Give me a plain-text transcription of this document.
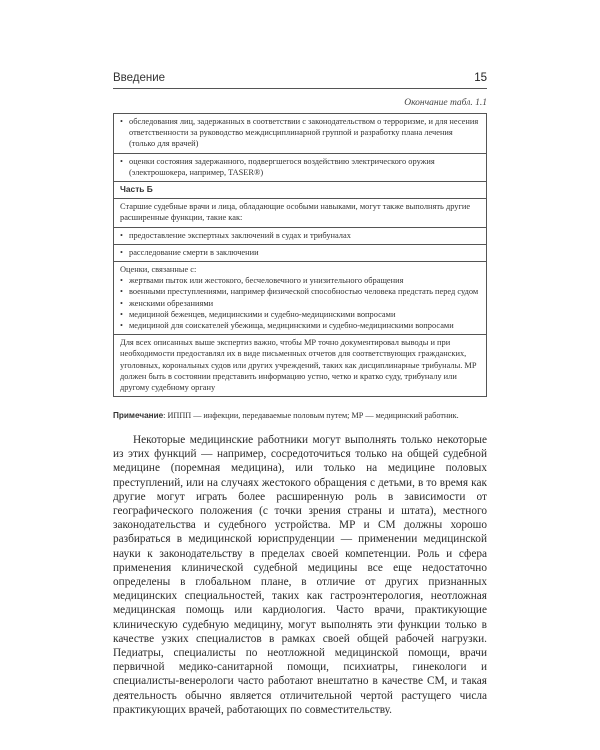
Введение	15
Окончание табл. 1.1
• обследования лиц, задержанных в соответствии с законодательством о терроризме, и для несения ответственности за руководство междисциплинарной группой и разработку плана лечения (только для врачей)
• оценки состояния задержанного, подвергшегося воздействию электрического оружия (электрошокера, например, TASER®)
Часть Б
Старшие судебные врачи и лица, обладающие особыми навыками, могут также выполнять другие расширенные функции, такие как:
• предоставление экспертных заключений в судах и трибуналах
• расследование смерти в заключении
Оценки, связанные с:
• жертвами пыток или жестокого, бесчеловечного и унизительного обращения
• военными преступлениями, например физической способностью человека предстать перед судом
• женскими обрезаниями
• медициной беженцев, медицинскими и судебно-медицинскими вопросами
• медициной для соискателей убежища, медицинскими и судебно-медицинскими вопросами
Для всех описанных выше экспертиз важно, чтобы МР точно документировал выводы и при необходимости предоставлял их в виде письменных отчетов для соответствующих гражданских, уголовных, корональных судов или других учреждений, таких как дисциплинарные трибуналы. МР должен быть в состоянии представить информацию устно, четко и кратко суду, трибуналу или другому судебному органу
Примечание: ИППП — инфекции, передаваемые половым путем; МР — медицинский работник.

Некоторые медицинские работники могут выполнять только некоторые из этих функций — например, сосредоточиться только на общей судебной медицине (поремная медицина), или только на медицине половых преступлений, или на случаях жестокого обращения с детьми, в то время как другие могут играть более расширенную роль в зависимости от географического положения (с точки зрения страны и штата), местного законодательства и судебного устройства. МР и СМ должны хорошо разбираться в медицинской юриспруденции — применении медицинской науки к законодательству в пределах своей компетенции. Роль и сфера применения клинической судебной медицины все еще недостаточно определены в глобальном плане, в отличие от других признанных медицинских специальностей, таких как гастроэнтерология, неотложная медицинская помощь или кардиология. Часто врачи, практикующие клиническую судебную медицину, могут выполнять эти функции только в качестве узких специалистов в рамках своей общей рабочей нагрузки. Педиатры, специалисты по неотложной медицинской помощи, врачи первичной медико-санитарной помощи, психиатры, гинекологи и специалисты-венерологи часто работают внештатно в качестве СМ, и такая деятельность обычно является отличительной чертой растущего числа практикующих врачей, работающих по совместительству.
